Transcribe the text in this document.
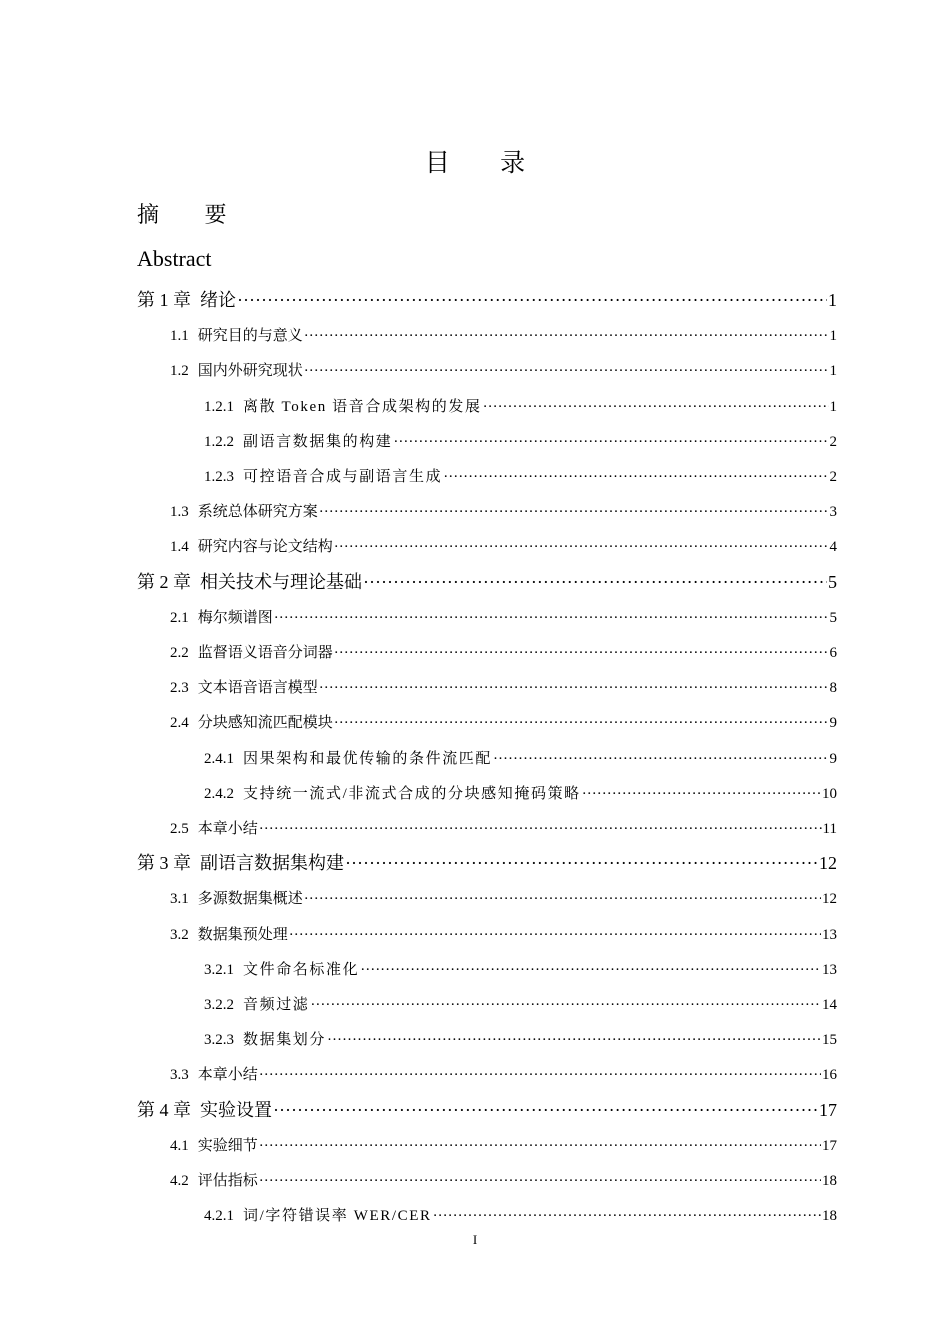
目 录
摘 要
Abstract
第 1 章 绪论 ·····	1
1.1 研究目的与意义 ·····	1
1.2 国内外研究现状 ·····	1
1.2.1 离散 Token 语音合成架构的发展 ·····	1
1.2.2 副语言数据集的构建 ·····	2
1.2.3 可控语音合成与副语言生成 ·····	2
1.3 系统总体研究方案 ·····	3
1.4 研究内容与论文结构 ·····	4
第 2 章 相关技术与理论基础 ·····	5
2.1 梅尔频谱图 ·····	5
2.2 监督语义语音分词器 ·····	6
2.3 文本语音语言模型 ·····	8
2.4 分块感知流匹配模块 ·····	9
2.4.1 因果架构和最优传输的条件流匹配 ·····	9
2.4.2 支持统一流式/非流式合成的分块感知掩码策略 ·····	10
2.5 本章小结 ·····	11
第 3 章 副语言数据集构建 ·····	12
3.1 多源数据集概述 ·····	12
3.2 数据集预处理 ·····	13
3.2.1 文件命名标准化 ·····	13
3.2.2 音频过滤 ·····	14
3.2.3 数据集划分 ·····	15
3.3 本章小结 ·····	16
第 4 章 实验设置 ·····	17
4.1 实验细节 ·····	17
4.2 评估指标 ·····	18
4.2.1 词/字符错误率 WER/CER ·····	18
I
